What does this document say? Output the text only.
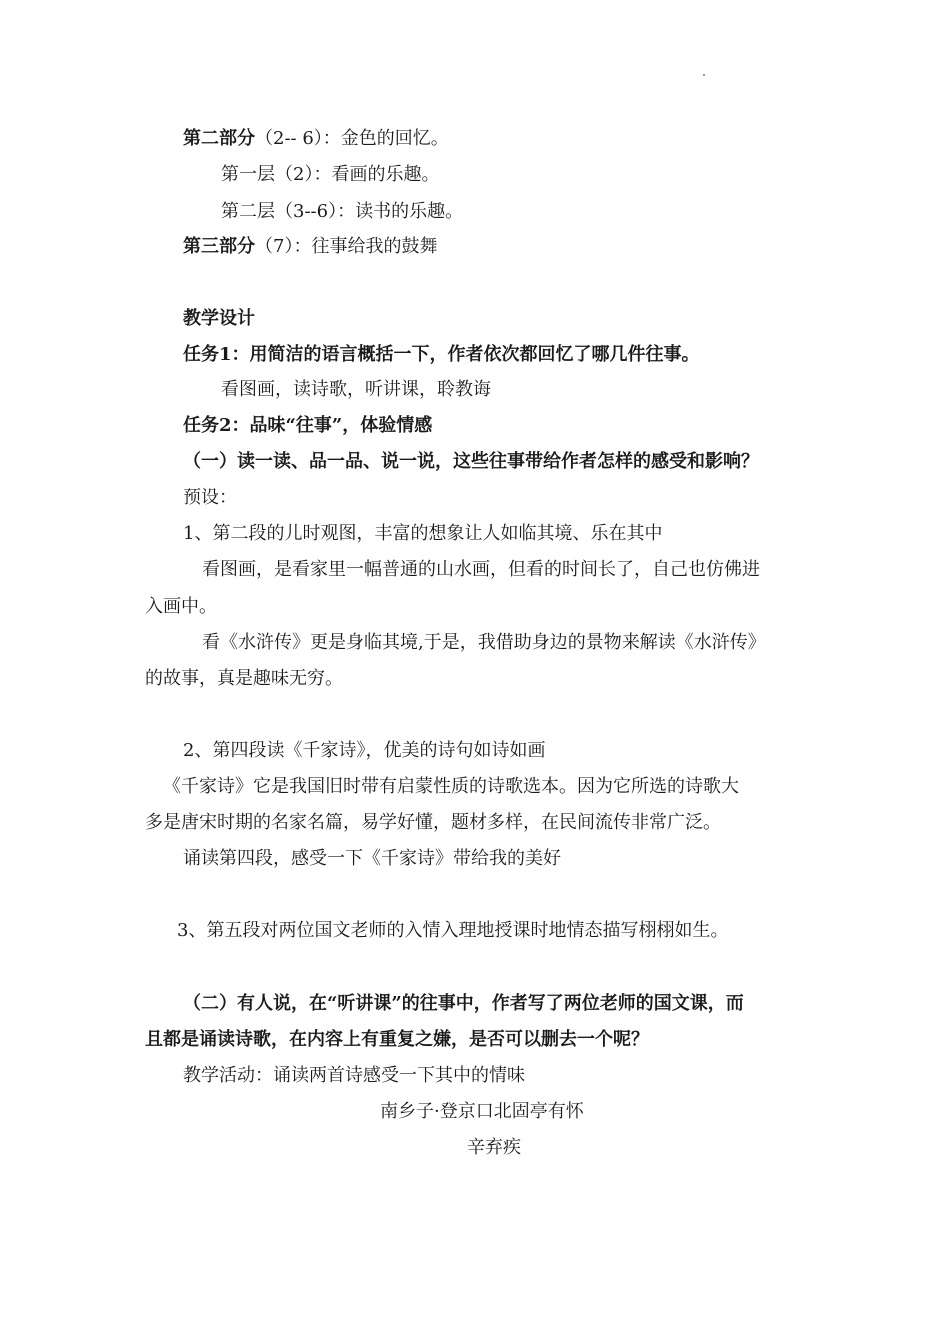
第二部分（2-- 6）：金色的回忆。
第一层（2）：看画的乐趣。
第二层（3--6）：读书的乐趣。
第三部分（7）：往事给我的鼓舞
教学设计
任务1：用简洁的语言概括一下，作者依次都回忆了哪几件往事。
看图画，读诗歌，听讲课，聆教诲
任务2：品味“往事”，体验情感
（一）读一读、品一品、说一说，这些往事带给作者怎样的感受和影响？
预设：
1、第二段的儿时观图，丰富的想象让人如临其境、乐在其中
看图画，是看家里一幅普通的山水画，但看的时间长了，自己也仿佛进
入画中。
看《水浒传》更是身临其境,于是，我借助身边的景物来解读《水浒传》
的故事，真是趣味无穷。
2、第四段读《千家诗》，优美的诗句如诗如画
《千家诗》它是我国旧时带有启蒙性质的诗歌选本。因为它所选的诗歌大
多是唐宋时期的名家名篇，易学好懂，题材多样，在民间流传非常广泛。
诵读第四段，感受一下《千家诗》带给我的美好
3、第五段对两位国文老师的入情入理地授课时地情态描写栩栩如生。
（二）有人说，在“听讲课”的往事中，作者写了两位老师的国文课，而
且都是诵读诗歌，在内容上有重复之嫌，是否可以删去一个呢？
教学活动：诵读两首诗感受一下其中的情味
南乡子·登京口北固亭有怀
辛弃疾
